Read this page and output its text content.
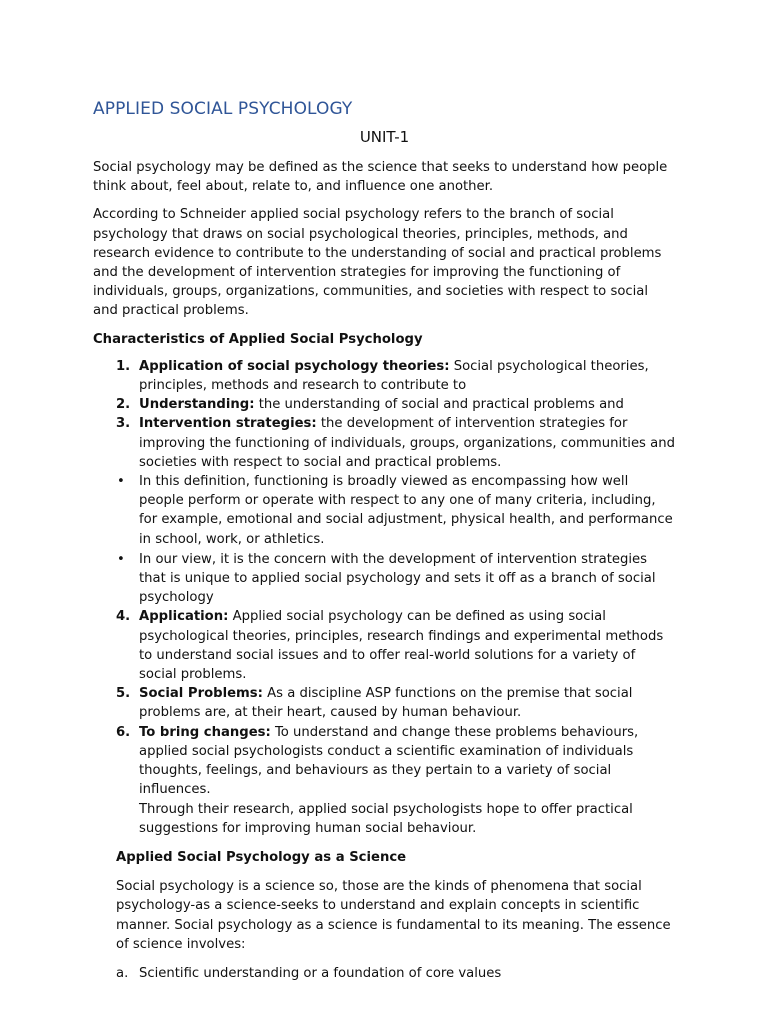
APPLIED SOCIAL PSYCHOLOGY
UNIT-1

Social psychology may be defined as the science that seeks to understand how people think about, feel about, relate to, and influence one another.

According to Schneider applied social psychology refers to the branch of social psychology that draws on social psychological theories, principles, methods, and research evidence to contribute to the understanding of social and practical problems and the development of intervention strategies for improving the functioning of individuals, groups, organizations, communities, and societies with respect to social and practical problems.

Characteristics of Applied Social Psychology
1. Application of social psychology theories: Social psychological theories, principles, methods and research to contribute to
2. Understanding: the understanding of social and practical problems and
3. Intervention strategies: the development of intervention strategies for improving the functioning of individuals, groups, organizations, communities and societies with respect to social and practical problems.
• In this definition, functioning is broadly viewed as encompassing how well people perform or operate with respect to any one of many criteria, including, for example, emotional and social adjustment, physical health, and performance in school, work, or athletics.
• In our view, it is the concern with the development of intervention strategies that is unique to applied social psychology and sets it off as a branch of social psychology
4. Application: Applied social psychology can be defined as using social psychological theories, principles, research findings and experimental methods to understand social issues and to offer real-world solutions for a variety of social problems.
5. Social Problems: As a discipline ASP functions on the premise that social problems are, at their heart, caused by human behaviour.
6. To bring changes: To understand and change these problems behaviours, applied social psychologists conduct a scientific examination of individuals thoughts, feelings, and behaviours as they pertain to a variety of social influences.
Through their research, applied social psychologists hope to offer practical suggestions for improving human social behaviour.
Applied Social Psychology as a Science

Social psychology is a science so, those are the kinds of phenomena that social psychology-as a science-seeks to understand and explain concepts in scientific manner. Social psychology as a science is fundamental to its meaning. The essence of science involves:

a. Scientific understanding or a foundation of core values
